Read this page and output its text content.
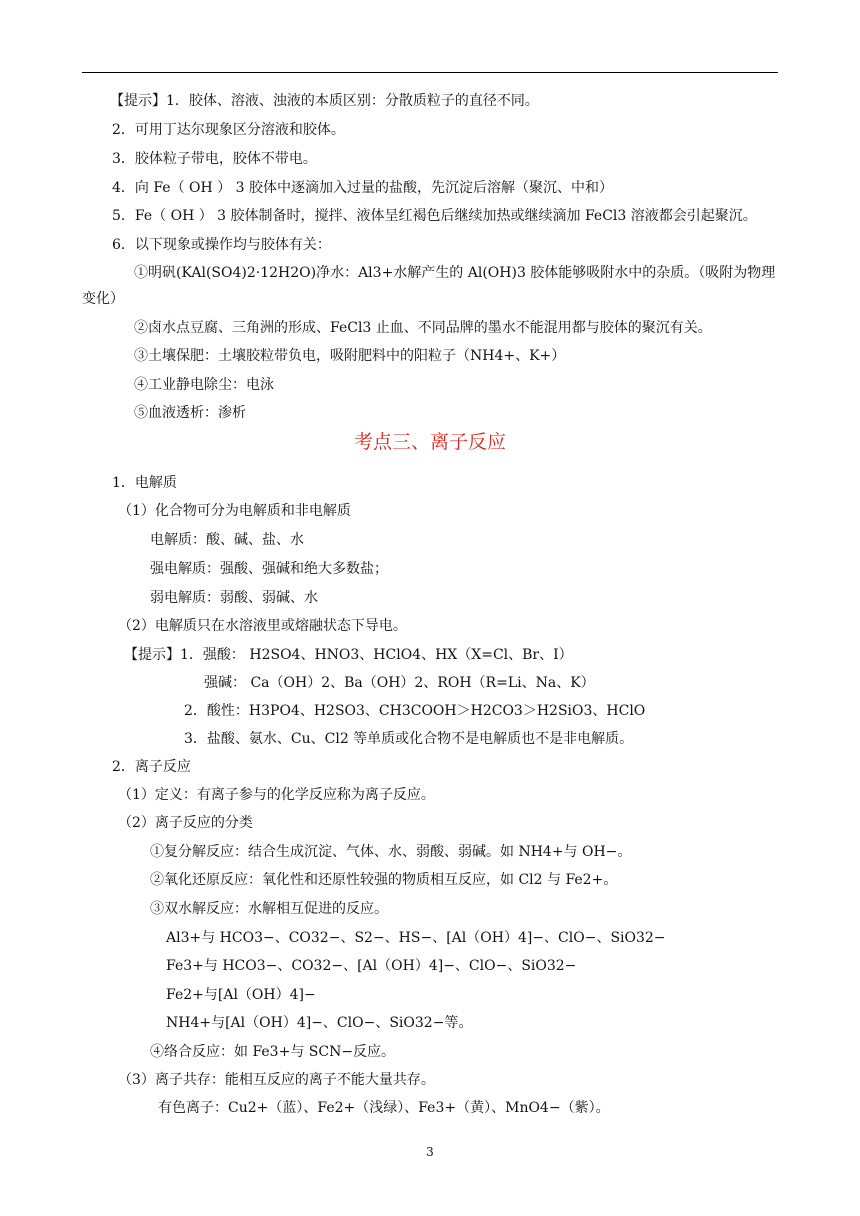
【提示】1．胶体、溶液、浊液的本质区别：分散质粒子的直径不同。
2．可用丁达尔现象区分溶液和胶体。
3．胶体粒子带电，胶体不带电。
4．向 Fe（ OH ） 3 胶体中逐滴加入过量的盐酸，先沉淀后溶解（聚沉、中和）
5．Fe（ OH ） 3 胶体制备时，搅拌、液体呈红褐色后继续加热或继续滴加 FeCl3 溶液都会引起聚沉。
6．以下现象或操作均与胶体有关：
①明矾(KAl(SO4)2·12H2O)净水：Al3+水解产生的 Al(OH)3 胶体能够吸附水中的杂质。（吸附为物理
变化）
②卤水点豆腐、三角洲的形成、FeCl3 止血、不同品牌的墨水不能混用都与胶体的聚沉有关。
③土壤保肥：土壤胶粒带负电，吸附肥料中的阳粒子（NH4+、K+）
④工业静电除尘：电泳
⑤血液透析：渗析
考点三、离子反应
1．电解质
（1）化合物可分为电解质和非电解质
电解质：酸、碱、盐、水
强电解质：强酸、强碱和绝大多数盐；
弱电解质：弱酸、弱碱、水
（2）电解质只在水溶液里或熔融状态下导电。
【提示】1．强酸： H2SO4、HNO3、HClO4、HX（X=Cl、Br、I）
强碱： Ca（OH）2、Ba（OH）2、ROH（R=Li、Na、K）
2．酸性：H3PO4、H2SO3、CH3COOH＞H2CO3＞H2SiO3、HClO
3．盐酸、氨水、Cu、Cl2 等单质或化合物不是电解质也不是非电解质。
2．离子反应
（1）定义：有离子参与的化学反应称为离子反应。
（2）离子反应的分类
①复分解反应：结合生成沉淀、气体、水、弱酸、弱碱。如 NH4+与 OH−。
②氧化还原反应：氧化性和还原性较强的物质相互反应，如 Cl2 与 Fe2+。
③双水解反应：水解相互促进的反应。
Al3+与 HCO3−、CO32−、S2−、HS−、[Al（OH）4]−、ClO−、SiO32−
Fe3+与 HCO3−、CO32−、[Al（OH）4]−、ClO−、SiO32−
Fe2+与[Al（OH）4]−
NH4+与[Al（OH）4]−、ClO−、SiO32−等。
④络合反应：如 Fe3+与 SCN−反应。
（3）离子共存：能相互反应的离子不能大量共存。
有色离子：Cu2+（蓝）、Fe2+（浅绿）、Fe3+（黄）、MnO4−（紫）。
3
